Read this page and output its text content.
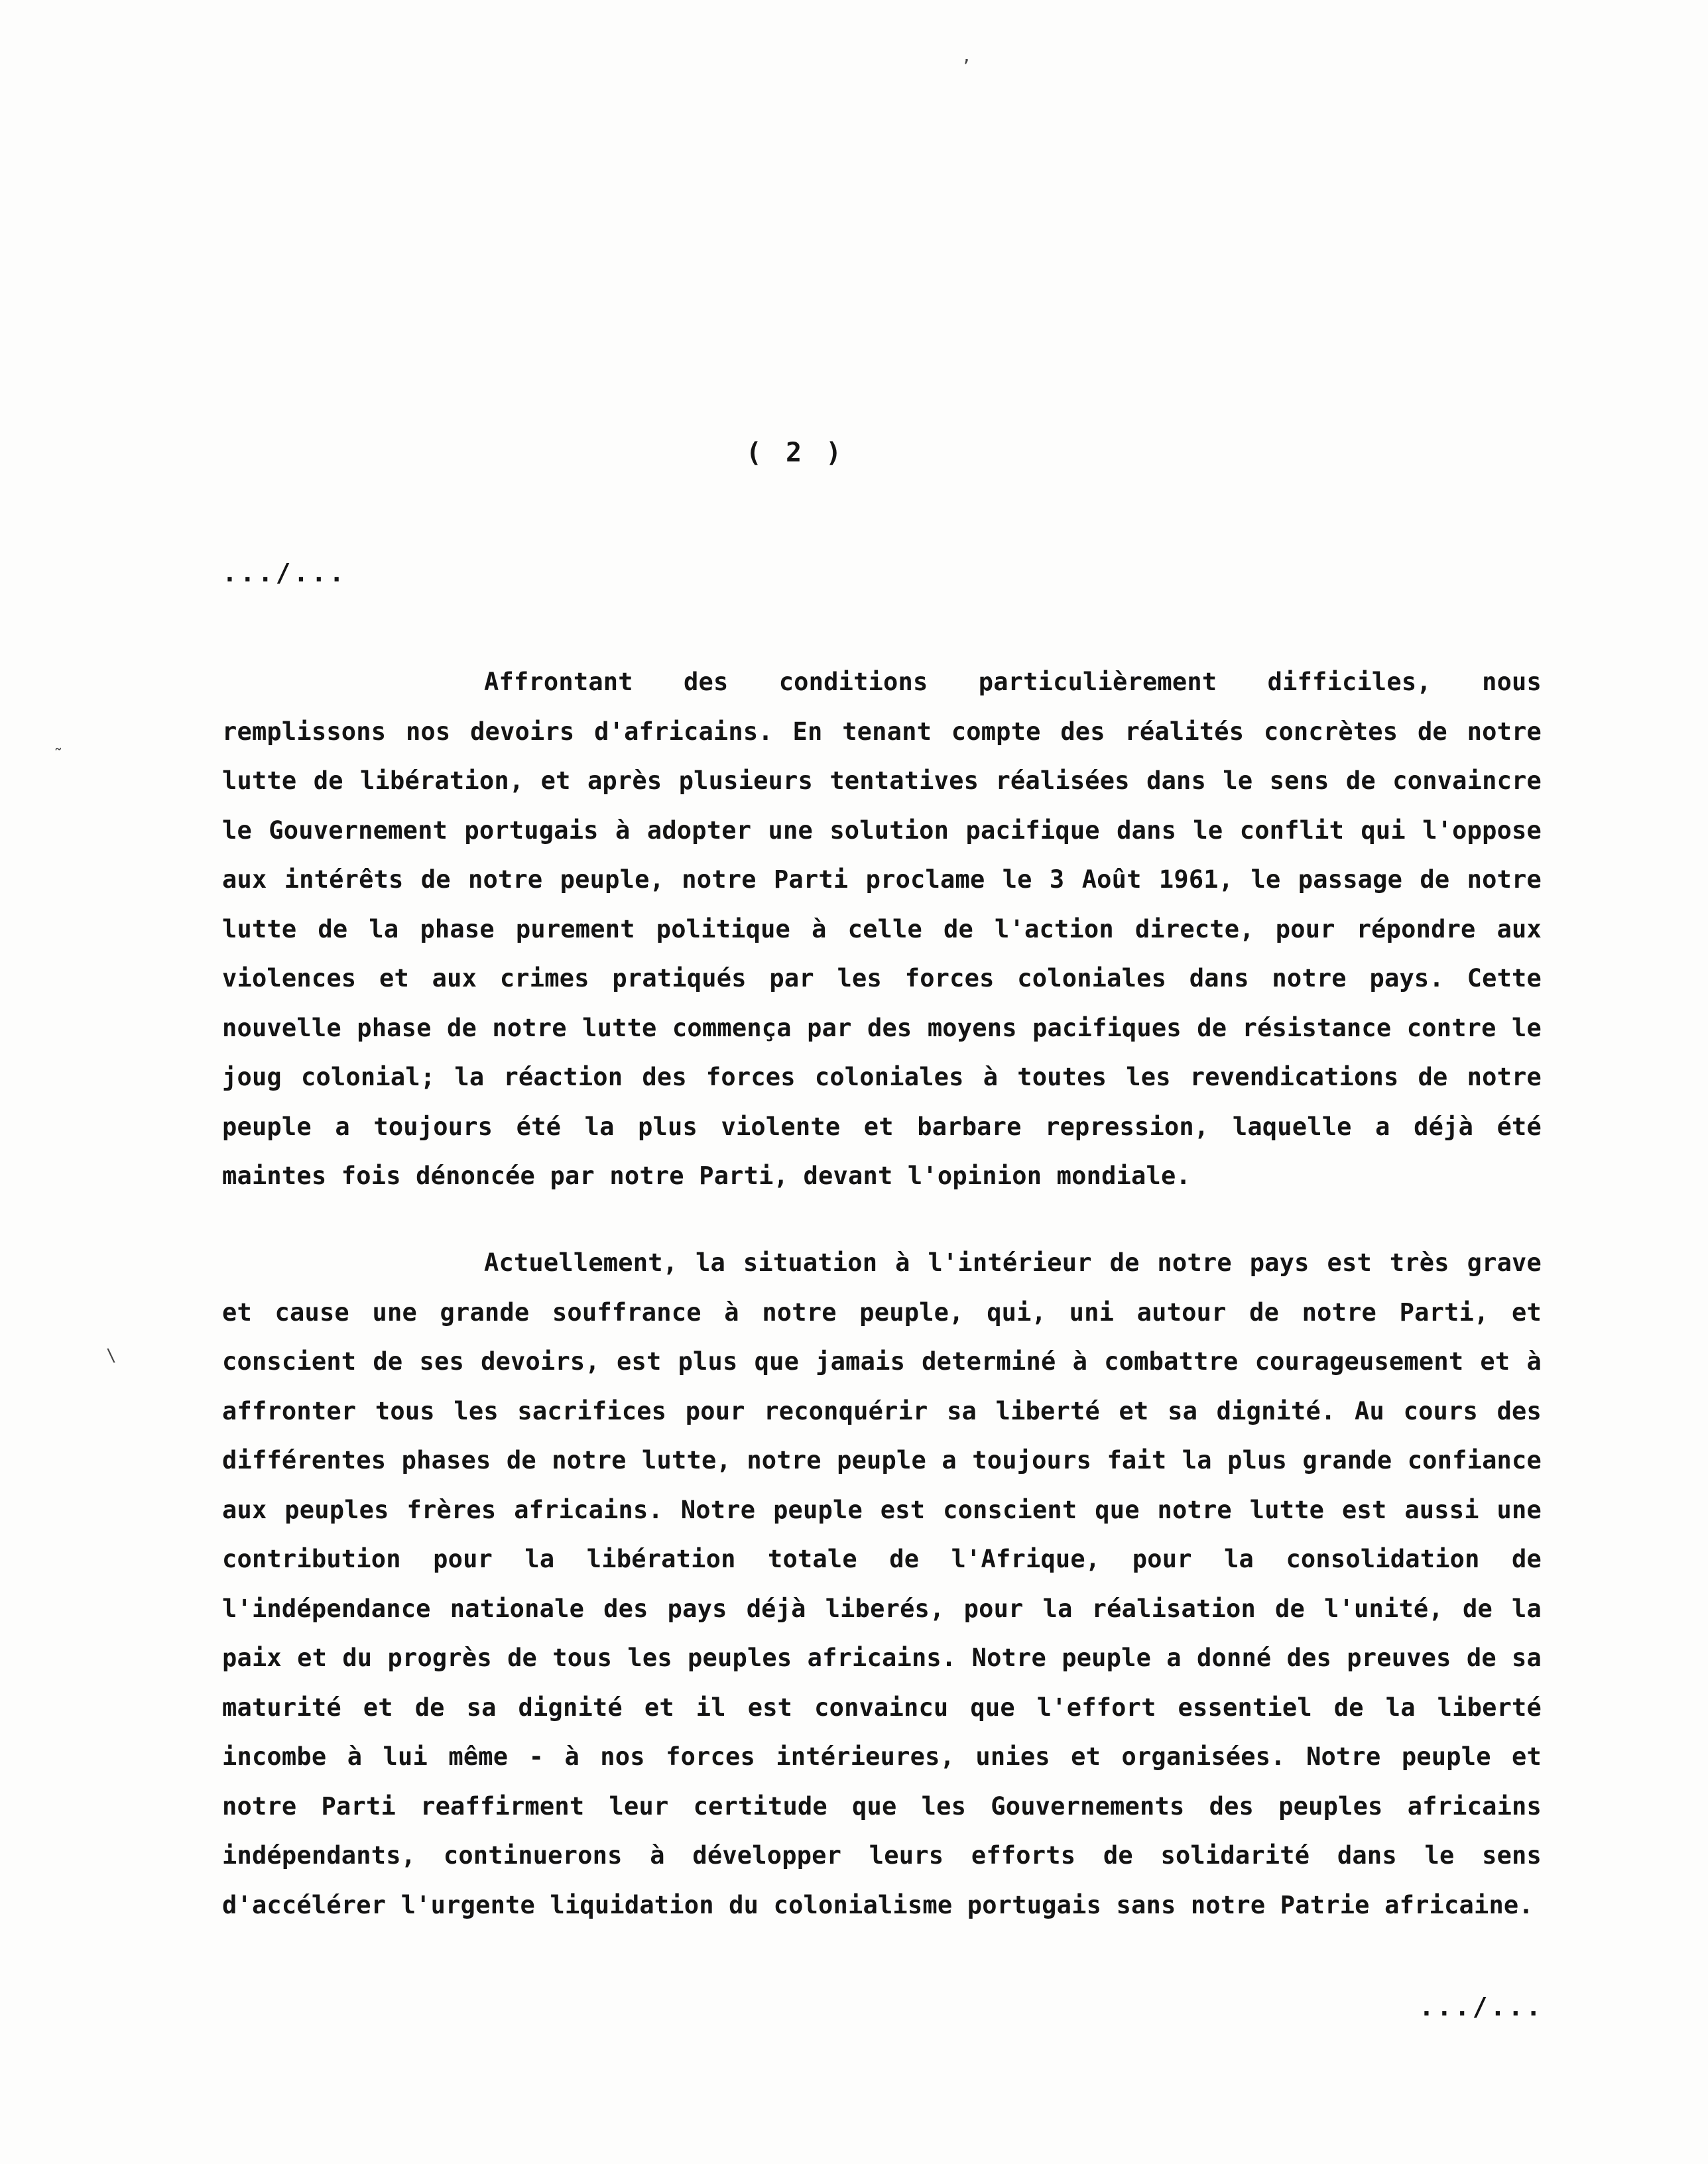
,
˜
\
( 2 )
.../...

Affrontant des conditions particulièrement difficiles, nous remplissons nos devoirs d'africains. En tenant compte des réalités concrètes de notre lutte de libération, et après plusieurs tentatives réalisées dans le sens de convaincre le Gouvernement portugais à adopter une solution pacifique dans le conflit qui l'oppose aux intérêts de notre peuple, notre Parti proclame le 3 Août 1961, le passage de notre lutte de la phase purement politique à celle de l'action directe, pour répondre aux violences et aux crimes pratiqués par les forces coloniales dans notre pays. Cette nouvelle phase de notre lutte commença par des moyens pacifiques de résistance contre le joug colonial; la réaction des forces coloniales à toutes les revendications de notre peuple a toujours été la plus violente et barbare repression, laquelle a déjà été maintes fois dénoncée par notre Parti, devant l'opinion mondiale.

Actuellement, la situation à l'intérieur de notre pays est très grave et cause une grande souffrance à notre peuple, qui, uni autour de notre Parti, et conscient de ses devoirs, est plus que jamais determiné à combattre courageusement et à affronter tous les sacrifices pour reconquérir sa liberté et sa dignité. Au cours des différentes phases de notre lutte, notre peuple a toujours fait la plus grande confiance aux peuples frères africains. Notre peuple est conscient que notre lutte est aussi une contribution pour la libération totale de l'Afrique, pour la consolidation de l'indépendance nationale des pays déjà liberés, pour la réalisation de l'unité, de la paix et du progrès de tous les peuples africains. Notre peuple a donné des preuves de sa maturité et de sa dignité et il est convaincu que l'effort essentiel de la liberté incombe à lui même - à nos forces intérieures, unies et organisées. Notre peuple et notre Parti reaffirment leur certitude que les Gouvernements des peuples africains indépendants, continuerons à développer leurs efforts de solidarité dans le sens d'accélérer l'urgente liquidation du colonialisme portugais sans notre Patrie africaine.

.../...
